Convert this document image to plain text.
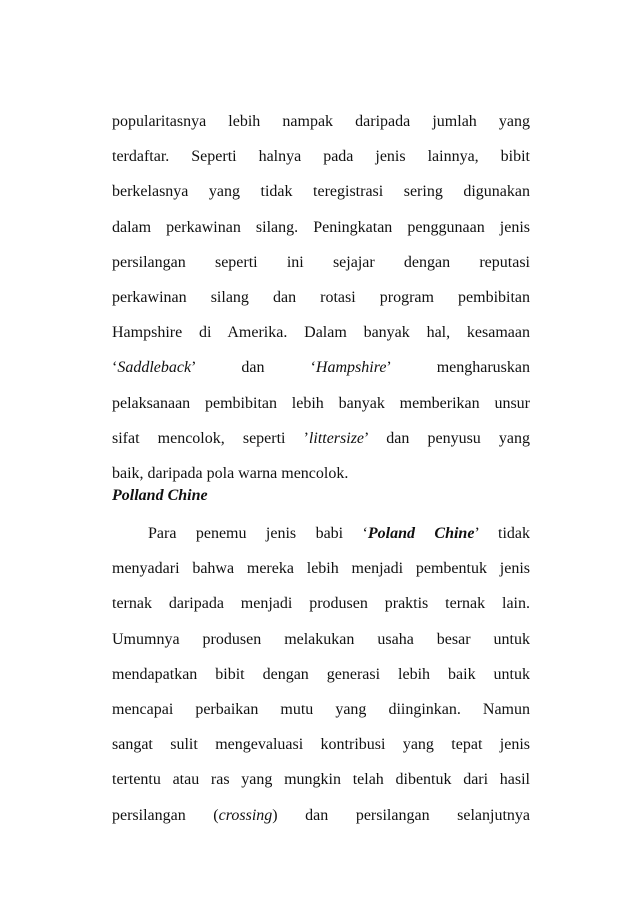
popularitasnya lebih nampak daripada jumlah yang
terdaftar. Seperti halnya pada jenis lainnya, bibit
berkelasnya yang tidak teregistrasi sering digunakan
dalam perkawinan silang. Peningkatan penggunaan jenis
persilangan seperti ini sejajar dengan reputasi
perkawinan silang dan rotasi program pembibitan
Hampshire di Amerika. Dalam banyak hal, kesamaan
‘Saddleback’ dan ‘Hampshire’ mengharuskan
pelaksanaan pembibitan lebih banyak memberikan unsur
sifat mencolok, seperti ’littersize’ dan penyusu yang
baik, daripada pola warna mencolok.
Polland Chine
Para penemu jenis babi ‘Poland Chine’ tidak
menyadari bahwa mereka lebih menjadi pembentuk jenis
ternak daripada menjadi produsen praktis ternak lain.
Umumnya produsen melakukan usaha besar untuk
mendapatkan bibit dengan generasi lebih baik untuk
mencapai perbaikan mutu yang diinginkan. Namun
sangat sulit mengevaluasi kontribusi yang tepat jenis
tertentu atau ras yang mungkin telah dibentuk dari hasil
persilangan (crossing) dan persilangan selanjutnya
